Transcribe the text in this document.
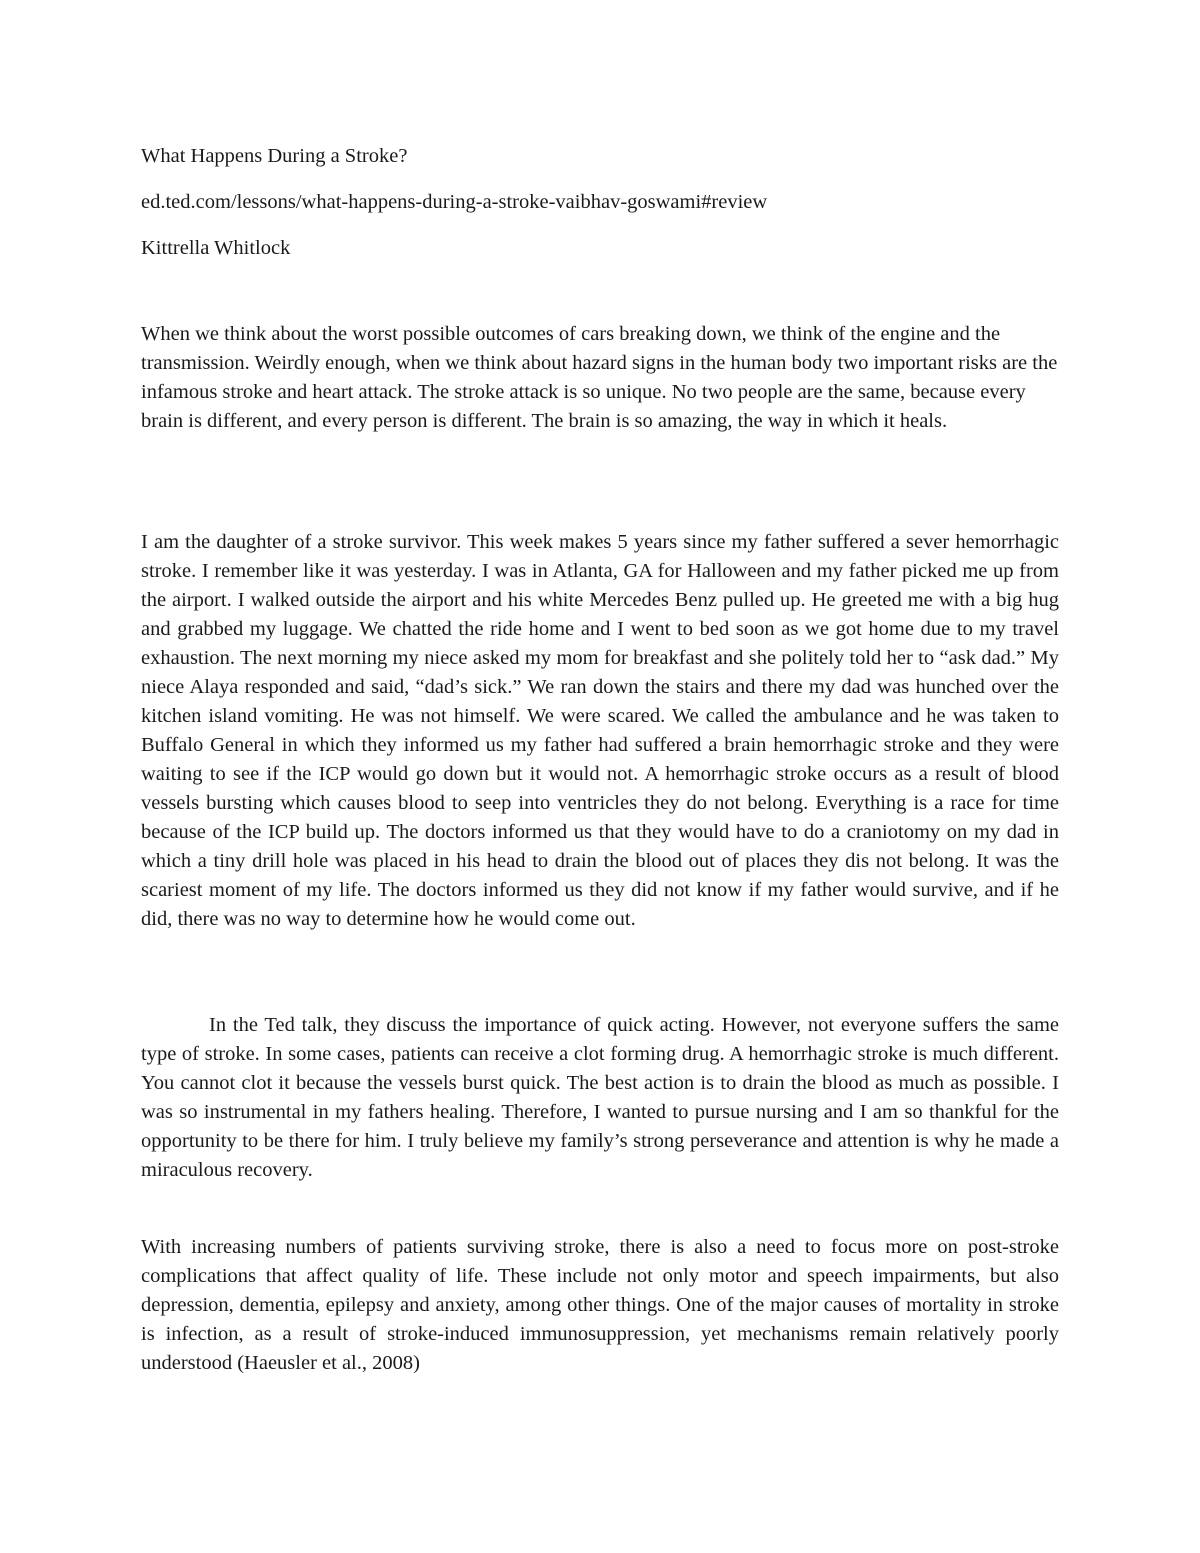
What Happens During a Stroke?

ed.ted.com/lessons/what-happens-during-a-stroke-vaibhav-goswami#review

Kittrella Whitlock

When we think about the worst possible outcomes of cars breaking down, we think of the engine and the transmission. Weirdly enough, when we think about hazard signs in the human body two important risks are the infamous stroke and heart attack. The stroke attack is so unique. No two people are the same, because every brain is different, and every person is different. The brain is so amazing, the way in which it heals.

I am the daughter of a stroke survivor. This week makes 5 years since my father suffered a sever hemorrhagic stroke. I remember like it was yesterday. I was in Atlanta, GA for Halloween and my father picked me up from the airport. I walked outside the airport and his white Mercedes Benz pulled up. He greeted me with a big hug and grabbed my luggage. We chatted the ride home and I went to bed soon as we got home due to my travel exhaustion. The next morning my niece asked my mom for breakfast and she politely told her to “ask dad.” My niece Alaya responded and said, “dad’s sick.” We ran down the stairs and there my dad was hunched over the kitchen island vomiting. He was not himself. We were scared. We called the ambulance and he was taken to Buffalo General in which they informed us my father had suffered a brain hemorrhagic stroke and they were waiting to see if the ICP would go down but it would not. A hemorrhagic stroke occurs as a result of blood vessels bursting which causes blood to seep into ventricles they do not belong. Everything is a race for time because of the ICP build up. The doctors informed us that they would have to do a craniotomy on my dad in which a tiny drill hole was placed in his head to drain the blood out of places they dis not belong. It was the scariest moment of my life. The doctors informed us they did not know if my father would survive, and if he did, there was no way to determine how he would come out.

In the Ted talk, they discuss the importance of quick acting. However, not everyone suffers the same type of stroke. In some cases, patients can receive a clot forming drug. A hemorrhagic stroke is much different. You cannot clot it because the vessels burst quick. The best action is to drain the blood as much as possible. I was so instrumental in my fathers healing. Therefore, I wanted to pursue nursing and I am so thankful for the opportunity to be there for him. I truly believe my family’s strong perseverance and attention is why he made a miraculous recovery.

With increasing numbers of patients surviving stroke, there is also a need to focus more on post-stroke complications that affect quality of life. These include not only motor and speech impairments, but also depression, dementia, epilepsy and anxiety, among other things. One of the major causes of mortality in stroke is infection, as a result of stroke-induced immunosuppression, yet mechanisms remain relatively poorly understood (Haeusler et al., 2008)
